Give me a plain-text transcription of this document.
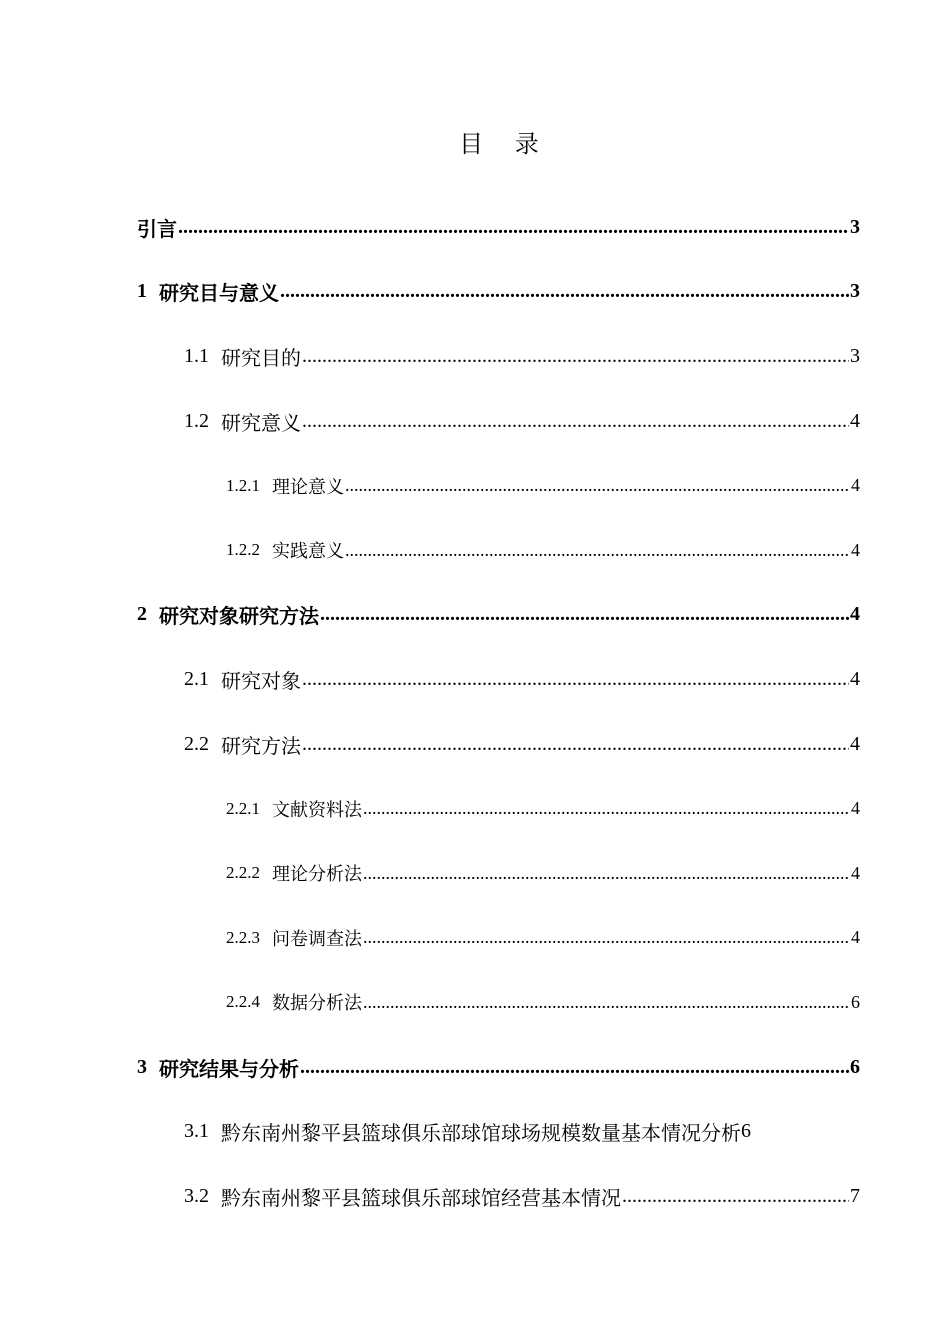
目 录
引言 .....	3
1 研究目与意义 .....	3
1.1 研究目的 .....	3
1.2 研究意义 .....	4
1.2.1 理论意义 .....	4
1.2.2 实践意义 .....	4
2 研究对象研究方法 .....	4
2.1 研究对象 .....	4
2.2 研究方法 .....	4
2.2.1 文献资料法 .....	4
2.2.2 理论分析法 .....	4
2.2.3 问卷调查法 .....	4
2.2.4 数据分析法 .....	6
3 研究结果与分析 .....	6
3.1 黔东南州黎平县篮球俱乐部球馆球场规模数量基本情况分析 6
3.2 黔东南州黎平县篮球俱乐部球馆经营基本情况 .....	7
